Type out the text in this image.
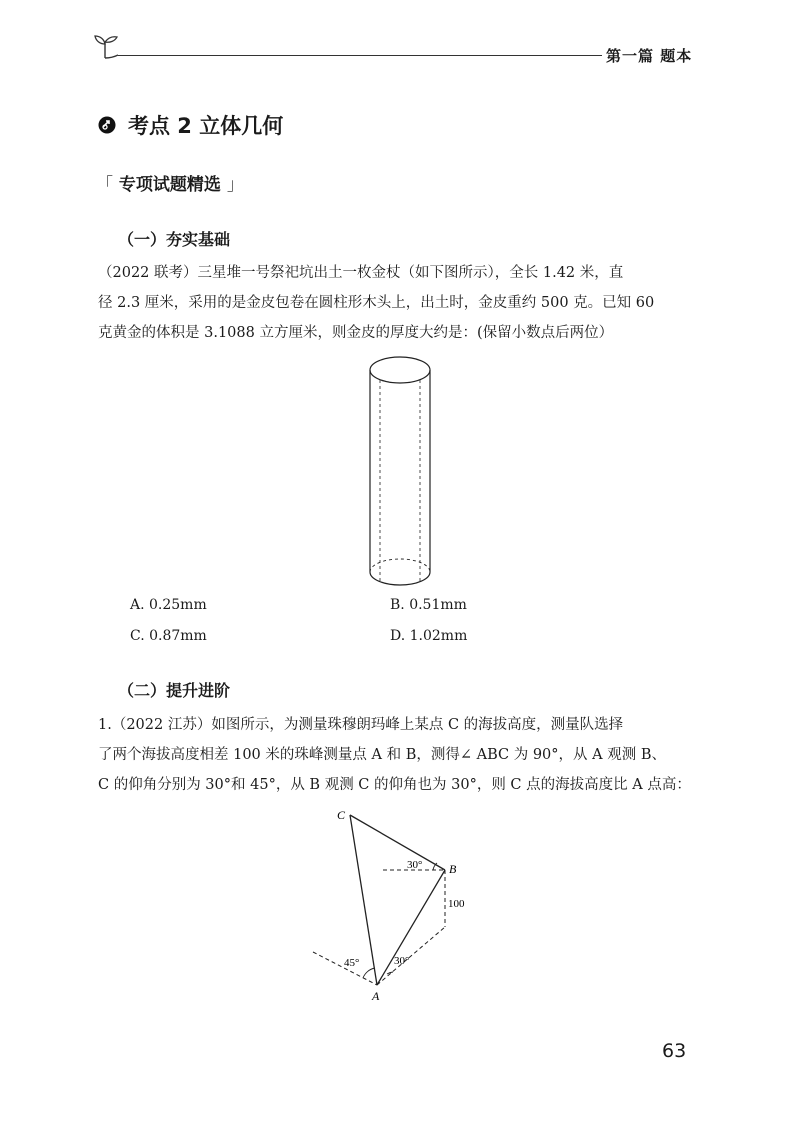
第一篇 题本
考点 2 立体几何
「 专项试题精选 」
（一）夯实基础
（2022 联考）三星堆一号祭祀坑出土一枚金杖（如下图所示），全长 1.42 米，直
径 2.3 厘米，采用的是金皮包卷在圆柱形木头上，出土时，金皮重约 500 克。已知 60
克黄金的体积是 3.1088 立方厘米，则金皮的厚度大约是：(保留小数点后两位）
A. 0.25mm	B. 0.51mm
C. 0.87mm	D. 1.02mm
（二）提升进阶
1.（2022 江苏）如图所示，为测量珠穆朗玛峰上某点 C 的海拔高度，测量队选择
了两个海拔高度相差 100 米的珠峰测量点 A 和 B，测得∠ ABC 为 90°，从 A 观测 B、
C 的仰角分别为 30°和 45°，从 B 观测 C 的仰角也为 30°，则 C 点的海拔高度比 A 点高：
C
B
A
30°
100
45°	30°
63
